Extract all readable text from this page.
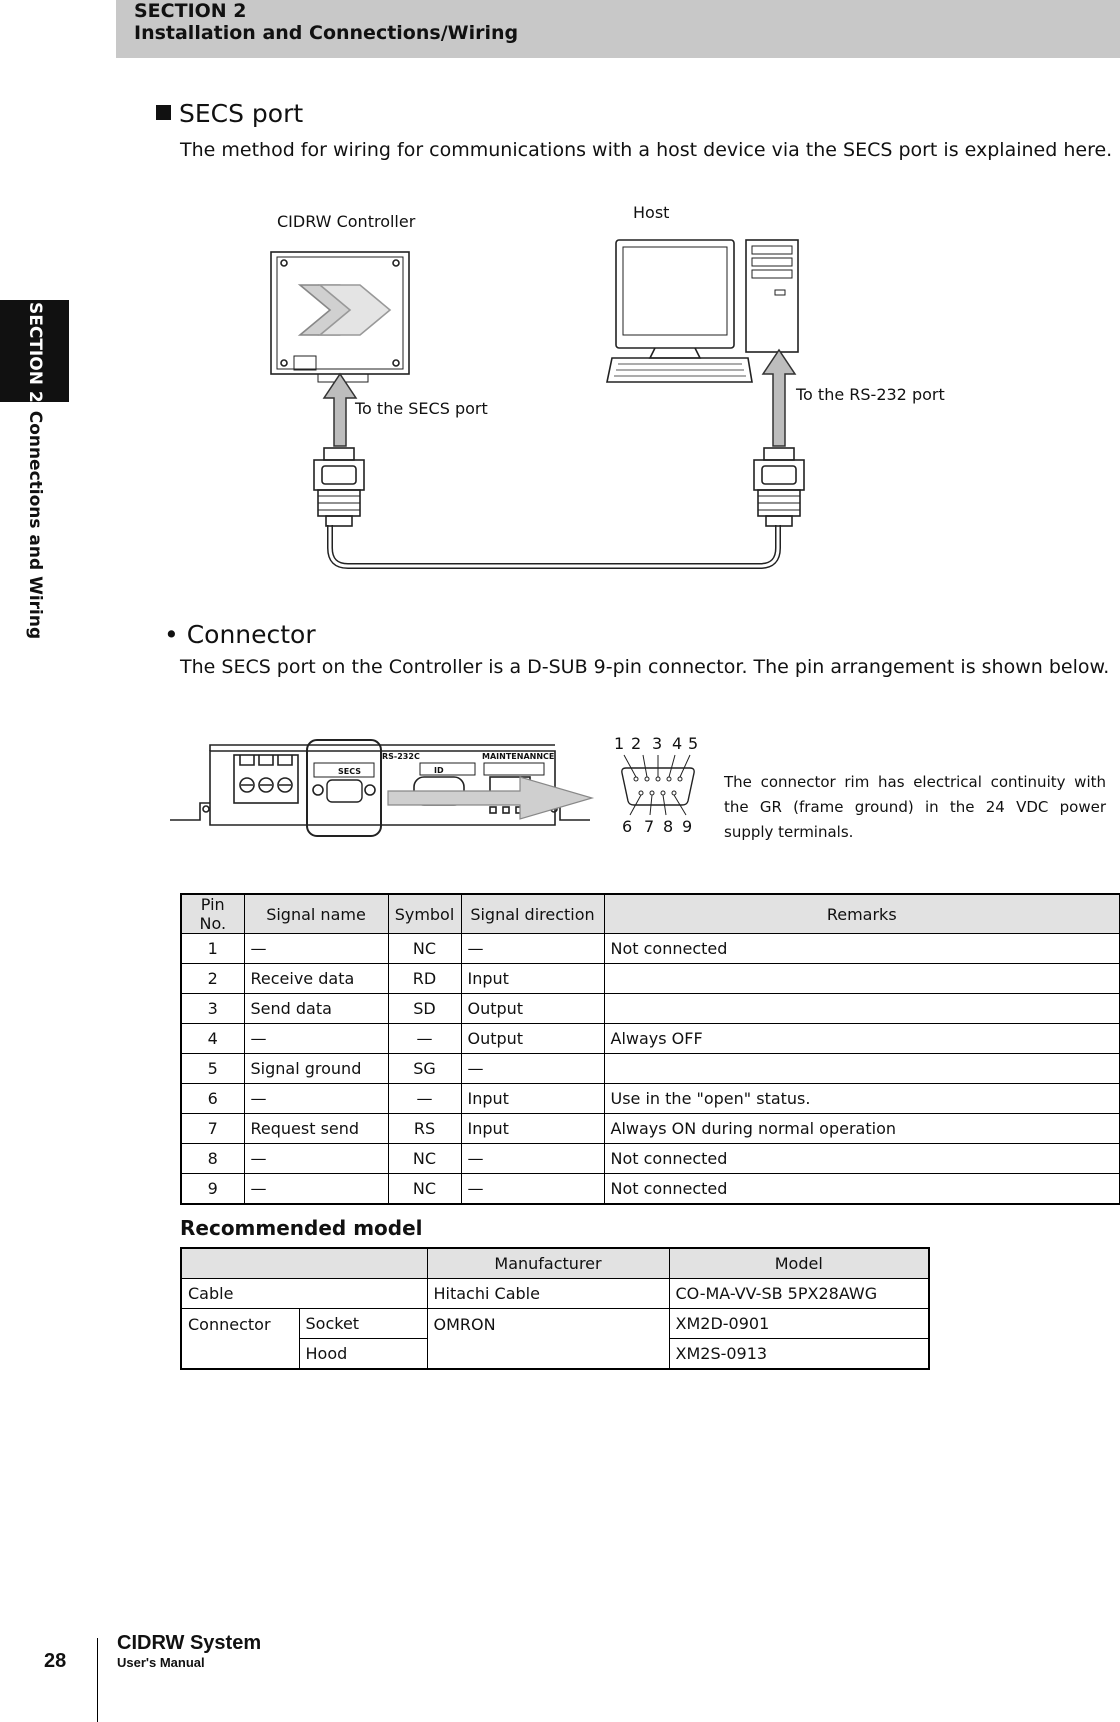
SECTION 2
Installation and Connections/Wiring
SECTION 2Connections and Wiring
SECS port
The method for wiring for communications with a host device via the SECS port is explained here.
CIDRW Controller	Host
To the SECS port
To the RS-232 port
• Connector
The SECS port on the Controller is a D-SUB 9-pin connector. The pin arrangement is shown below.
SECS
RS-232C
ID
MAINTENANNCE
1 2 3 4 5
6 7 8 9
The connector rim has electrical continuity with the GR (frame ground) in the 24 VDC power supply terminals.
Pin No.	Signal name	Symbol	Signal direction	Remarks
1	—	NC	—	Not connected
2	Receive data	RD	Input	
3	Send data	SD	Output	
4	—	—	Output	Always OFF
5	Signal ground	SG	—	
6	—	—	Input	Use in the "open" status.
7	Request send	RS	Input	Always ON during normal operation
8	—	NC	—	Not connected
9	—	NC	—	Not connected
Recommended model
		Manufacturer	Model
Cable		Hitachi Cable	CO-MA-VV-SB 5PX28AWG
Connector	Socket	OMRON	XM2D-0901
	Hood		XM2S-0913
28
CIDRW System
User's Manual
